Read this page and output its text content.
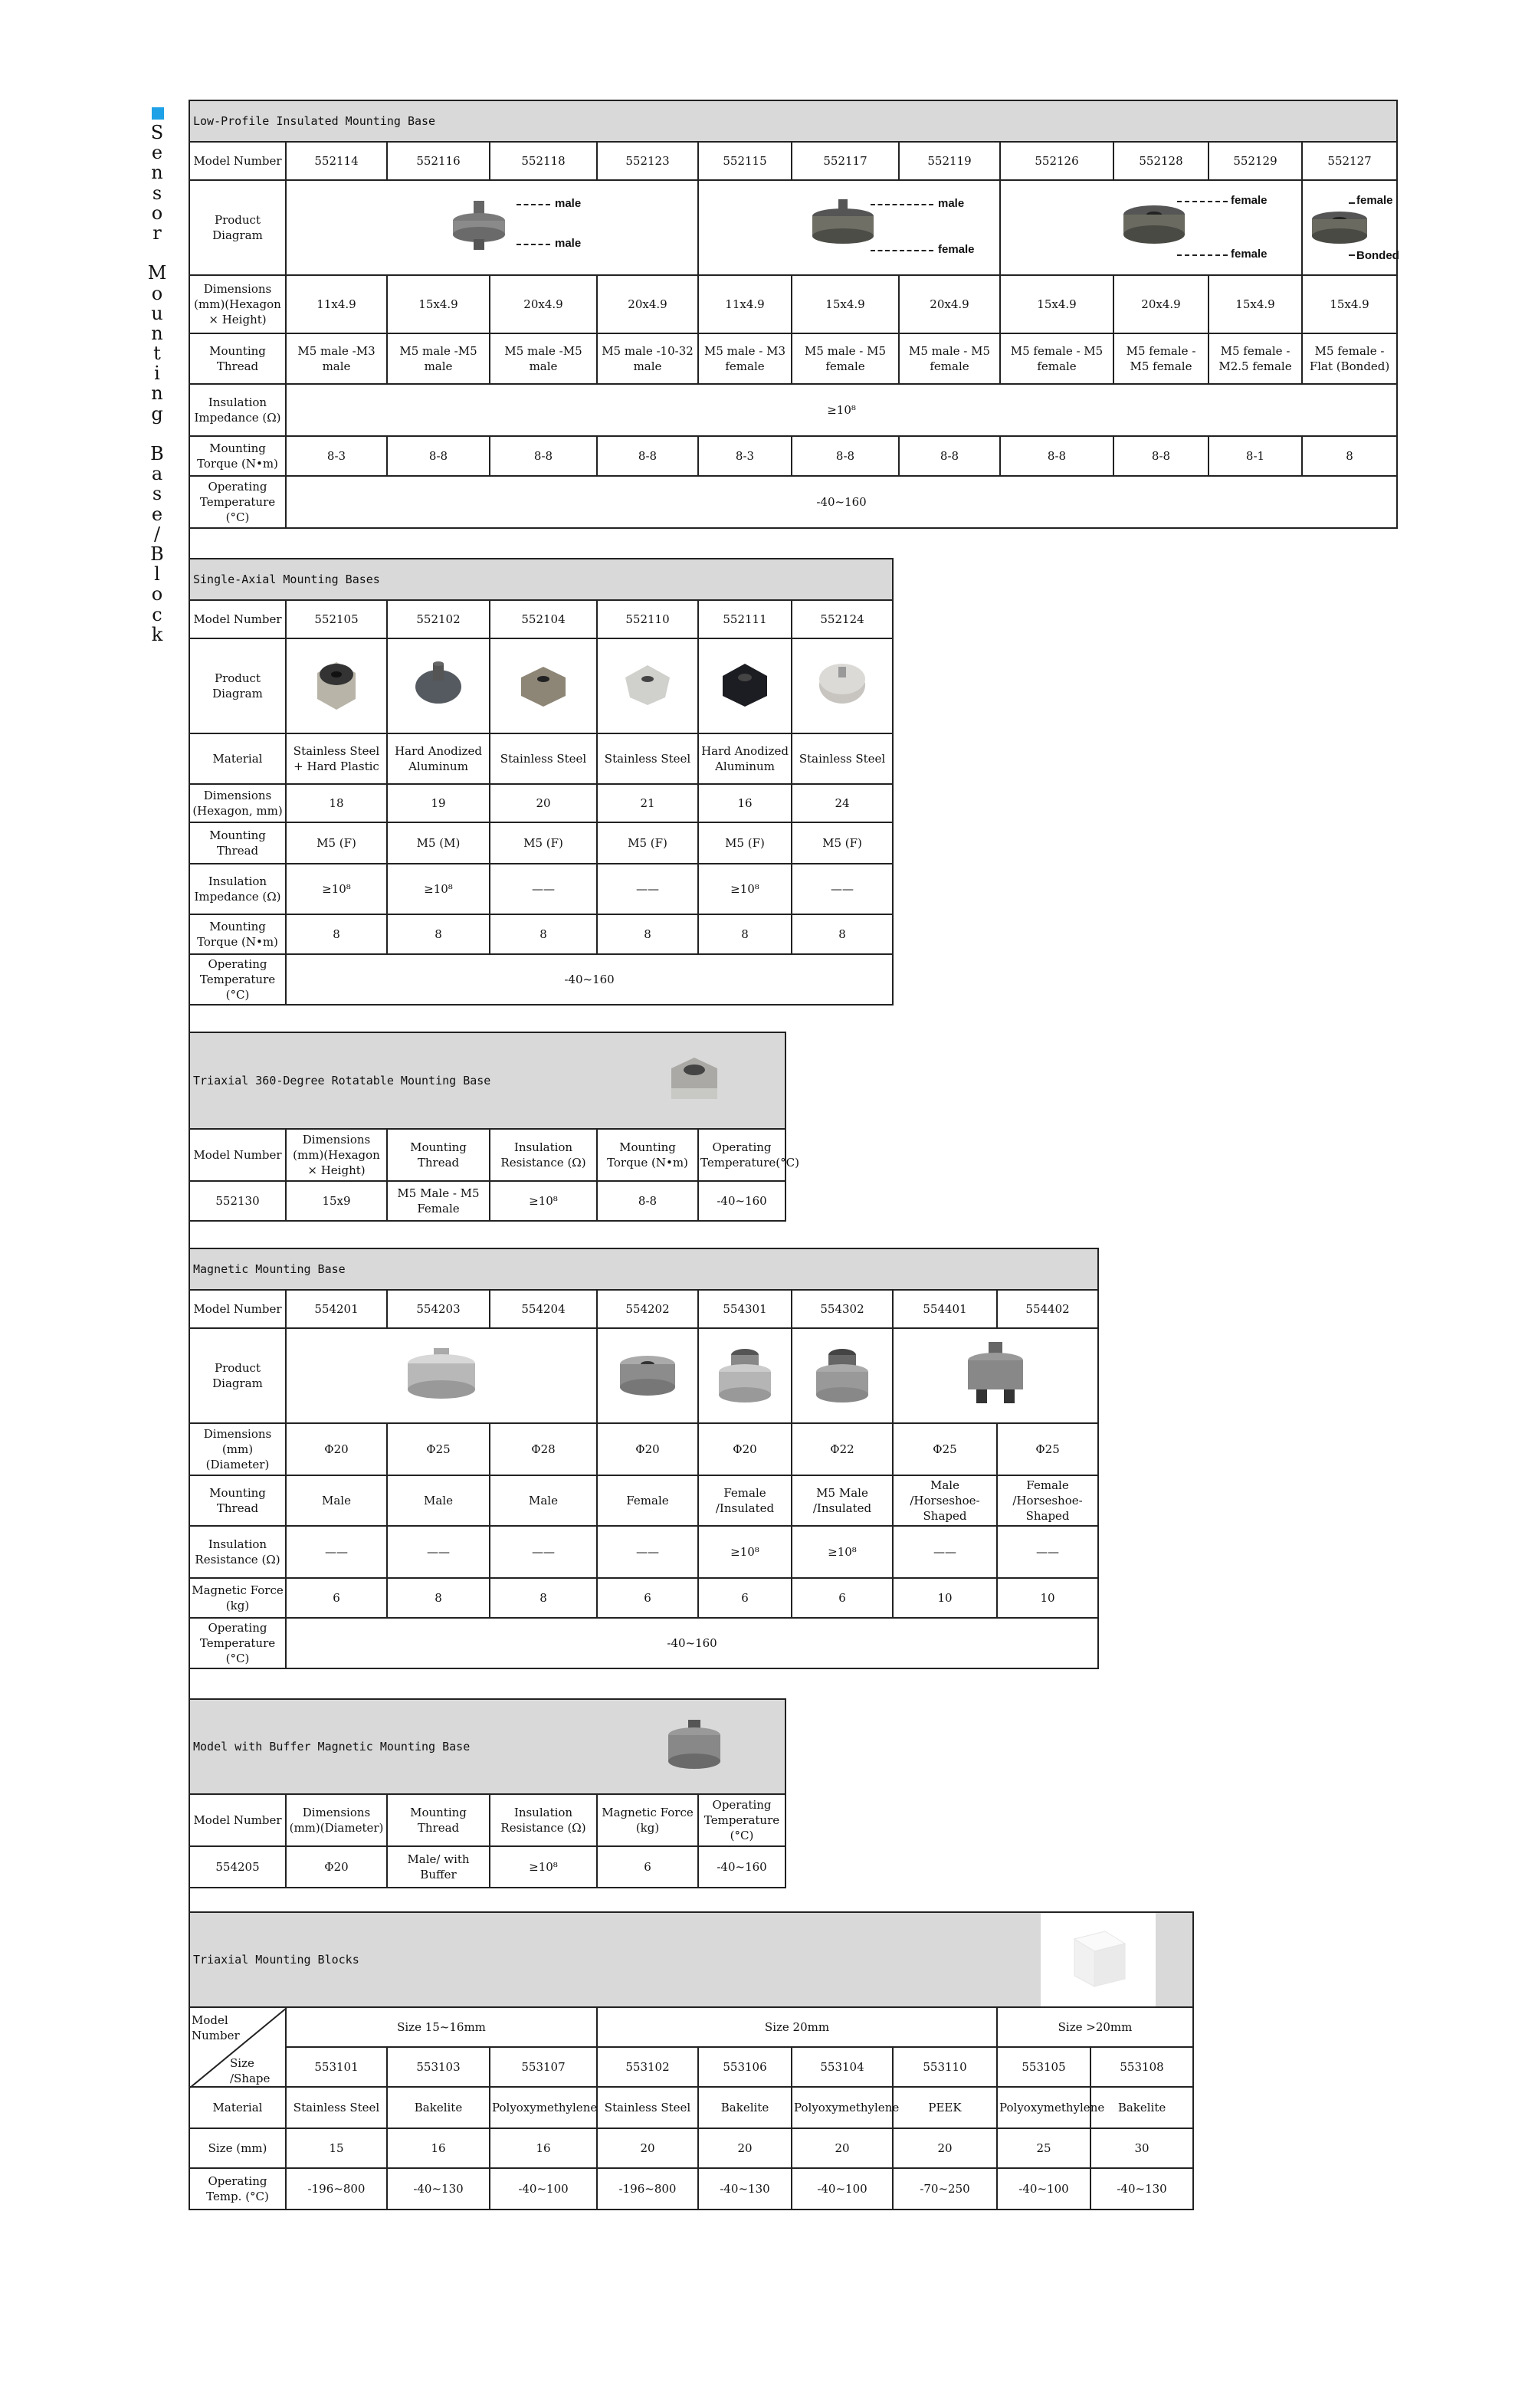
S
e
n
s
o
r
M
o
u
n
t
i
n
g
B
a
s
e
/
B
l
o
c
k
Low-Profile Insulated Mounting Base											
Model Number	552114	552116	552118	552123	552115	552117	552119	552126	552128	552129	552127
Product Diagram	male
male				male
female			female
female			female
Bonded

Dimensions (mm)(Hexagon × Height)	11x4.9	15x4.9	20x4.9	20x4.9	11x4.9	15x4.9	20x4.9	15x4.9	20x4.9	15x4.9	15x4.9
Mounting Thread	M5 male -M3 male	M5 male -M5 male	M5 male -M5 male	M5 male -10-32 male	M5 male - M3 female	M5 male - M5 female	M5 male - M5 female	M5 female - M5 female	M5 female - M5 female	M5 female -M2.5 female	M5 female -Flat (Bonded)
Insulation Impedance (Ω)	≥10⁸										
Mounting Torque (N•m)	8-3	8-8	8-8	8-8	8-3	8-8	8-8	8-8	8-8	8-1	8
Operating Temperature (°C)	-40~160										
Single-Axial Mounting Bases						
Model Number	552105	552102	552104	552110	552111	552124
Product Diagram						
Material	Stainless Steel + Hard Plastic	Hard Anodized Aluminum	Stainless Steel	Stainless Steel	Hard Anodized Aluminum	Stainless Steel
Dimensions (Hexagon, mm)	18	19	20	21	16	24
Mounting Thread	M5 (F)	M5 (M)	M5 (F)	M5 (F)	M5 (F)	M5 (F)
Insulation Impedance (Ω)	≥10⁸	≥10⁸	——	——	≥10⁸	——
Mounting Torque (N•m)	8	8	8	8	8	8
Operating Temperature (°C)	-40~160					
Triaxial 360-Degree Rotatable Mounting Base					

Model Number	Dimensions (mm)(Hexagon × Height)	Mounting Thread	Insulation Resistance (Ω)	Mounting Torque (N•m)	Operating Temperature(°C)
552130	15x9	M5 Male - M5 Female	≥10⁸	8-8	-40~160
Magnetic Mounting Base								
Model Number	554201	554203	554204	554202	554301	554302	554401	554402
Product Diagram					
Dimensions (mm) (Diameter)	Φ20	Φ25	Φ28	Φ20	Φ20	Φ22	Φ25	Φ25
Mounting Thread	Male	Male	Male	Female	Female /Insulated	M5 Male /Insulated	Male /Horseshoe-Shaped	Female /Horseshoe-Shaped
Insulation Resistance (Ω)	——	——	——	——	≥10⁸	≥10⁸	——	——
Magnetic Force (kg)	6	8	8	6	6	6	10	10
Operating Temperature (°C)	-40~160							
Model with Buffer Magnetic Mounting Base					

Model Number	Dimensions (mm)(Diameter)	Mounting Thread	Insulation Resistance (Ω)	Magnetic Force (kg)	Operating Temperature (°C)
554205	Φ20	Male/ with Buffer	≥10⁸	6	-40~160
Triaxial Mounting Blocks									

Model Number
Size /Shape	Size 15~16mm			Size 20mm				Size >20mm	
	553101	553103	553107	553102	553106	553104	553110	553105	553108
Material	Stainless Steel	Bakelite	Polyoxymethylene	Stainless Steel	Bakelite	Polyoxymethylene	PEEK	Polyoxymethylene	Bakelite
Size (mm)	15	16	16	20	20	20	20	25	30
Operating Temp. (°C)	-196~800	-40~130	-40~100	-196~800	-40~130	-40~100	-70~250	-40~100	-40~130
